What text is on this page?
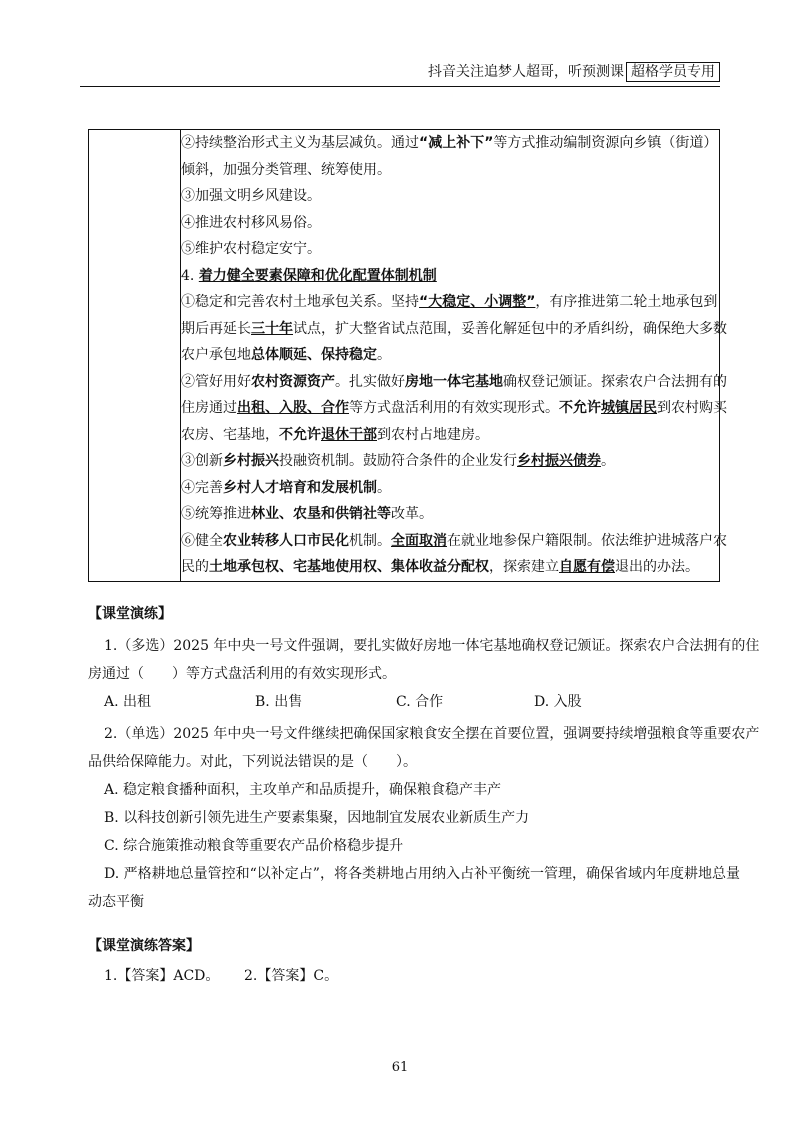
抖音关注追梦人超哥，听预测课 超格学员专用

②持续整治形式主义为基层减负。通过“减上补下”等方式推动编制资源向乡镇（街道）
倾斜，加强分类管理、统筹使用。
③加强文明乡风建设。
④推进农村移风易俗。
⑤维护农村稳定安宁。
4. 着力健全要素保障和优化配置体制机制
①稳定和完善农村土地承包关系。坚持“大稳定、小调整”，有序推进第二轮土地承包到
期后再延长三十年试点，扩大整省试点范围，妥善化解延包中的矛盾纠纷，确保绝大多数
农户承包地总体顺延、保持稳定。
②管好用好农村资源资产。扎实做好房地一体宅基地确权登记颁证。探索农户合法拥有的
住房通过出租、入股、合作等方式盘活利用的有效实现形式。不允许城镇居民到农村购买
农房、宅基地，不允许退休干部到农村占地建房。
③创新乡村振兴投融资机制。鼓励符合条件的企业发行乡村振兴债券。
④完善乡村人才培育和发展机制。
⑤统筹推进林业、农垦和供销社等改革。
⑥健全农业转移人口市民化机制。全面取消在就业地参保户籍限制。依法维护进城落户农
民的土地承包权、宅基地使用权、集体收益分配权，探索建立自愿有偿退出的办法。
【课堂演练】
1.（多选）2025 年中央一号文件强调，要扎实做好房地一体宅基地确权登记颁证。探索农户合法拥有的住
房通过（　　）等方式盘活利用的有效实现形式。
A. 出租	B. 出售	C. 合作	D. 入股
2.（单选）2025 年中央一号文件继续把确保国家粮食安全摆在首要位置，强调要持续增强粮食等重要农产
品供给保障能力。对此，下列说法错误的是（　　）。
A. 稳定粮食播种面积，主攻单产和品质提升，确保粮食稳产丰产
B. 以科技创新引领先进生产要素集聚，因地制宜发展农业新质生产力
C. 综合施策推动粮食等重要农产品价格稳步提升
D. 严格耕地总量管控和“以补定占”，将各类耕地占用纳入占补平衡统一管理，确保省域内年度耕地总量
动态平衡
【课堂演练答案】
1.【答案】ACD。	2.【答案】C。
61
